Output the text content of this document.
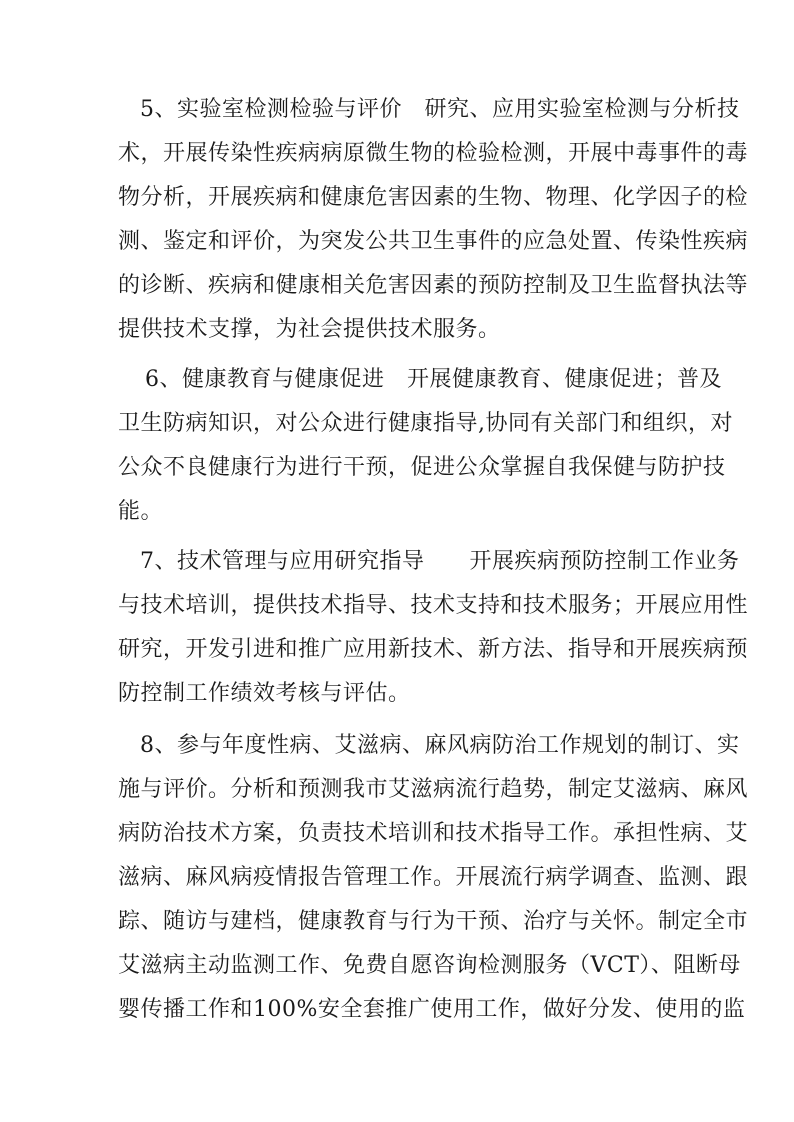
5、实验室检测检验与评价　研究、应用实验室检测与分析技
术，开展传染性疾病病原微生物的检验检测，开展中毒事件的毒
物分析，开展疾病和健康危害因素的生物、物理、化学因子的检
测、鉴定和评价，为突发公共卫生事件的应急处置、传染性疾病
的诊断、疾病和健康相关危害因素的预防控制及卫生监督执法等
提供技术支撑，为社会提供技术服务。
6、健康教育与健康促进　开展健康教育、健康促进；普及
卫生防病知识，对公众进行健康指导,协同有关部门和组织，对
公众不良健康行为进行干预，促进公众掌握自我保健与防护技
能。
7、技术管理与应用研究指导　　开展疾病预防控制工作业务
与技术培训，提供技术指导、技术支持和技术服务；开展应用性
研究，开发引进和推广应用新技术、新方法、指导和开展疾病预
防控制工作绩效考核与评估。
8、参与年度性病、艾滋病、麻风病防治工作规划的制订、实
施与评价。分析和预测我市艾滋病流行趋势，制定艾滋病、麻风
病防治技术方案，负责技术培训和技术指导工作。承担性病、艾
滋病、麻风病疫情报告管理工作。开展流行病学调查、监测、跟
踪、随访与建档，健康教育与行为干预、治疗与关怀。制定全市
艾滋病主动监测工作、免费自愿咨询检测服务（VCT）、阻断母
婴传播工作和100%安全套推广使用工作，做好分发、使用的监
